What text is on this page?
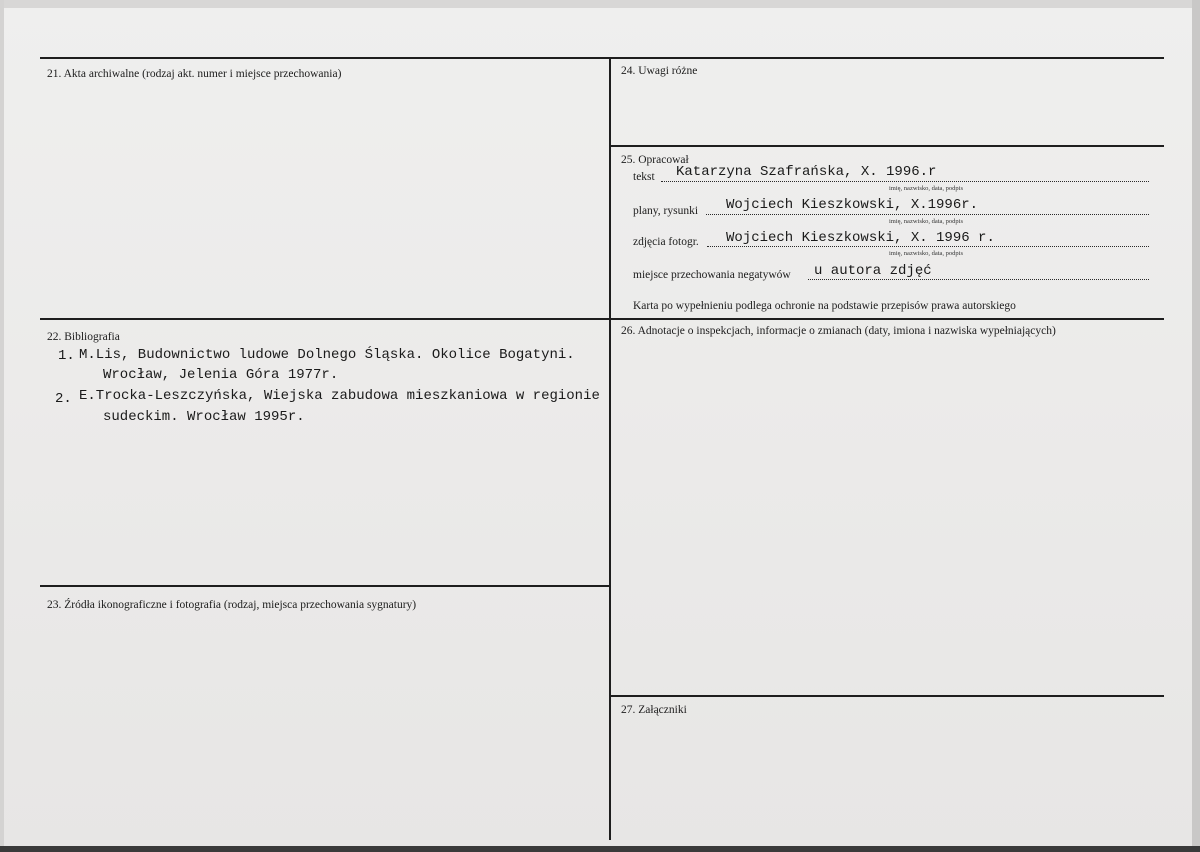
21. Akta archiwalne (rodzaj akt. numer i miejsce przechowania)
22. Bibliografia
1. M.Lis, Budownictwo ludowe Dolnego Śląska. Okolice Bogatyni.
Wrocław, Jelenia Góra 1977r.
2. E.Trocka-Leszczyńska, Wiejska zabudowa mieszkaniowa w regionie
sudeckim. Wrocław 1995r.
23. Źródła ikonograficzne i fotografia (rodzaj, miejsca przechowania sygnatury)
24. Uwagi różne
25. Opracował
tekst Katarzyna Szafrańska, X. 1996.r
imię, nazwisko, data, podpis
plany, rysunki Wojciech Kieszkowski, X.1996r.
imię, nazwisko, data, podpis
zdjęcia fotogr. Wojciech Kieszkowski, X. 1996 r.
imię, nazwisko, data, podpis
miejsce przechowania negatywów u autora zdjęć
Karta po wypełnieniu podlega ochronie na podstawie przepisów prawa autorskiego
26. Adnotacje o inspekcjach, informacje o zmianach (daty, imiona i nazwiska wypełniających)
27. Załączniki
